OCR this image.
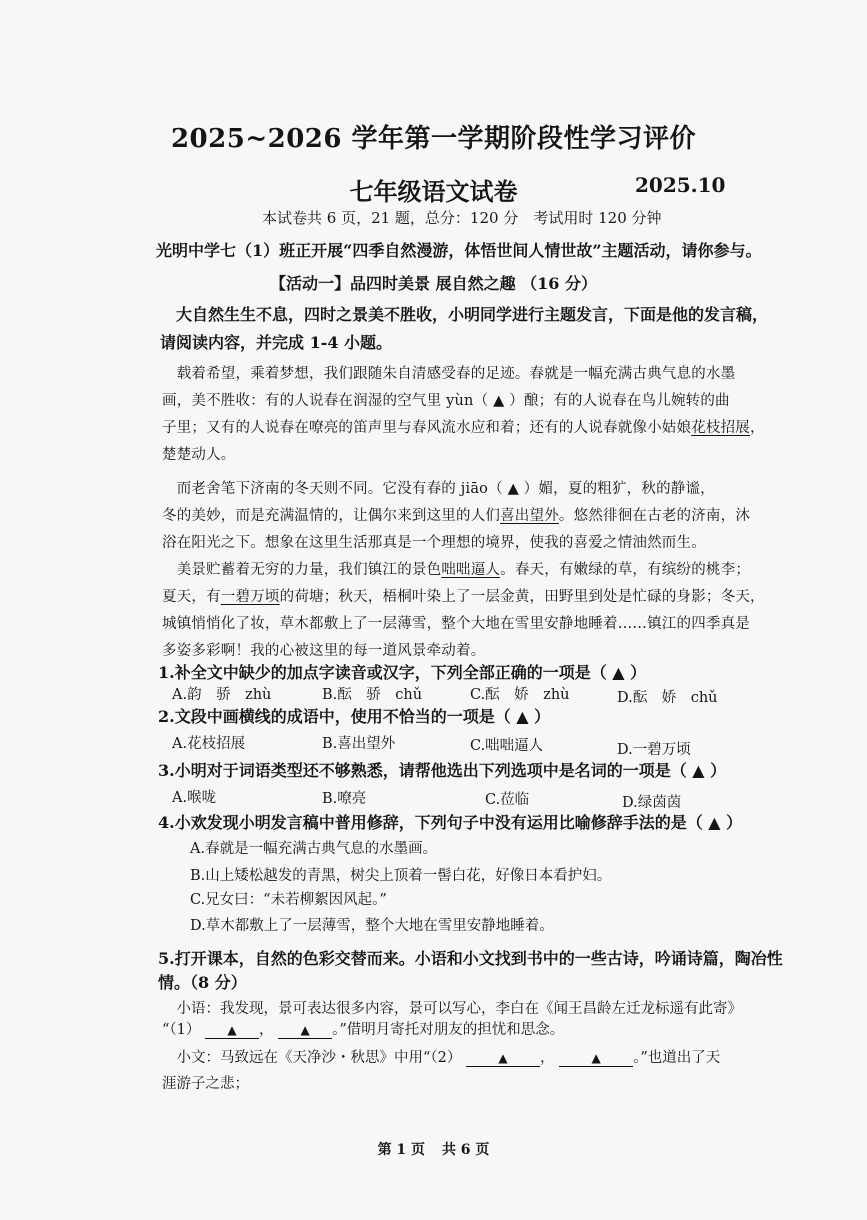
2025~2026 学年第一学期阶段性学习评价
七年级语文试卷	2025.10
本试卷共 6 页，21 题，总分：120 分　考试用时 120 分钟
光明中学七（1）班正开展“四季自然漫游，体悟世间人情世故”主题活动，请你参与。
【活动一】品四时美景 展自然之趣 （16 分）
　大自然生生不息，四时之景美不胜收，小明同学进行主题发言，下面是他的发言稿，
请阅读内容，并完成 1-4 小题。
　载着希望，乘着梦想，我们跟随朱自清感受春的足迹。春就是一幅充满古典气息的水墨
画，美不胜收：有的人说春在润湿的空气里 yùn（ ▲ ）酿；有的人说春在鸟儿婉转的曲
子里；又有的人说春在嘹亮的笛声里与春风流水应和着；还有的人说春就像小姑娘花枝招展，
楚楚动人。
　而老舍笔下济南的冬天则不同。它没有春的 jiāo（ ▲ ）媚，夏的粗犷，秋的静谧，
冬的美妙，而是充满温情的，让偶尔来到这里的人们喜出望外。悠然徘徊在古老的济南，沐
浴在阳光之下。想象在这里生活那真是一个理想的境界，使我的喜爱之情油然而生。
　美景贮蓄着无穷的力量，我们镇江的景色咄咄逼人。春天，有嫩绿的草，有缤纷的桃李；
夏天，有一碧万顷的荷塘；秋天，梧桐叶染上了一层金黄，田野里到处是忙碌的身影；冬天，
城镇悄悄化了妆，草木都敷上了一层薄雪，整个大地在雪里安静地睡着……镇江的四季真是
多姿多彩啊！我的心被这里的每一道风景牵动着。
1.补全文中缺少的加点字读音或汉字，下列全部正确的一项是（ ▲ ）
A.韵　骄　zhù	B.酝　骄　chǔ	C.酝　娇　zhù	D.酝　娇　chǔ
2.文段中画横线的成语中，使用不恰当的一项是（ ▲ ）
A.花枝招展	B.喜出望外	C.咄咄逼人	D.一碧万顷
3.小明对于词语类型还不够熟悉，请帮他选出下列选项中是名词的一项是（ ▲ ）
A.喉咙	B.嘹亮	C.莅临	D.绿茵茵
4.小欢发现小明发言稿中普用修辞，下列句子中没有运用比喻修辞手法的是（ ▲ ）
A.春就是一幅充满古典气息的水墨画。
B.山上矮松越发的青黑，树尖上顶着一髻白花，好像日本看护妇。
C.兄女曰：“未若柳絮因风起。”
D.草木都敷上了一层薄雪，整个大地在雪里安静地睡着。
5.打开课本，自然的色彩交替而来。小语和小文找到书中的一些古诗，吟诵诗篇，陶冶性
情。（8 分）
　小语：我发现，景可表达很多内容，景可以写心，李白在《闻王昌龄左迁龙标遥有此寄》
“（1） ▲ ， ▲ 。”借明月寄托对朋友的担忧和思念。
　小文：马致远在《天净沙・秋思》中用“（2）	▲ ，	▲ 。”也道出了天
涯游子之悲；
第 1 页 共 6 页
